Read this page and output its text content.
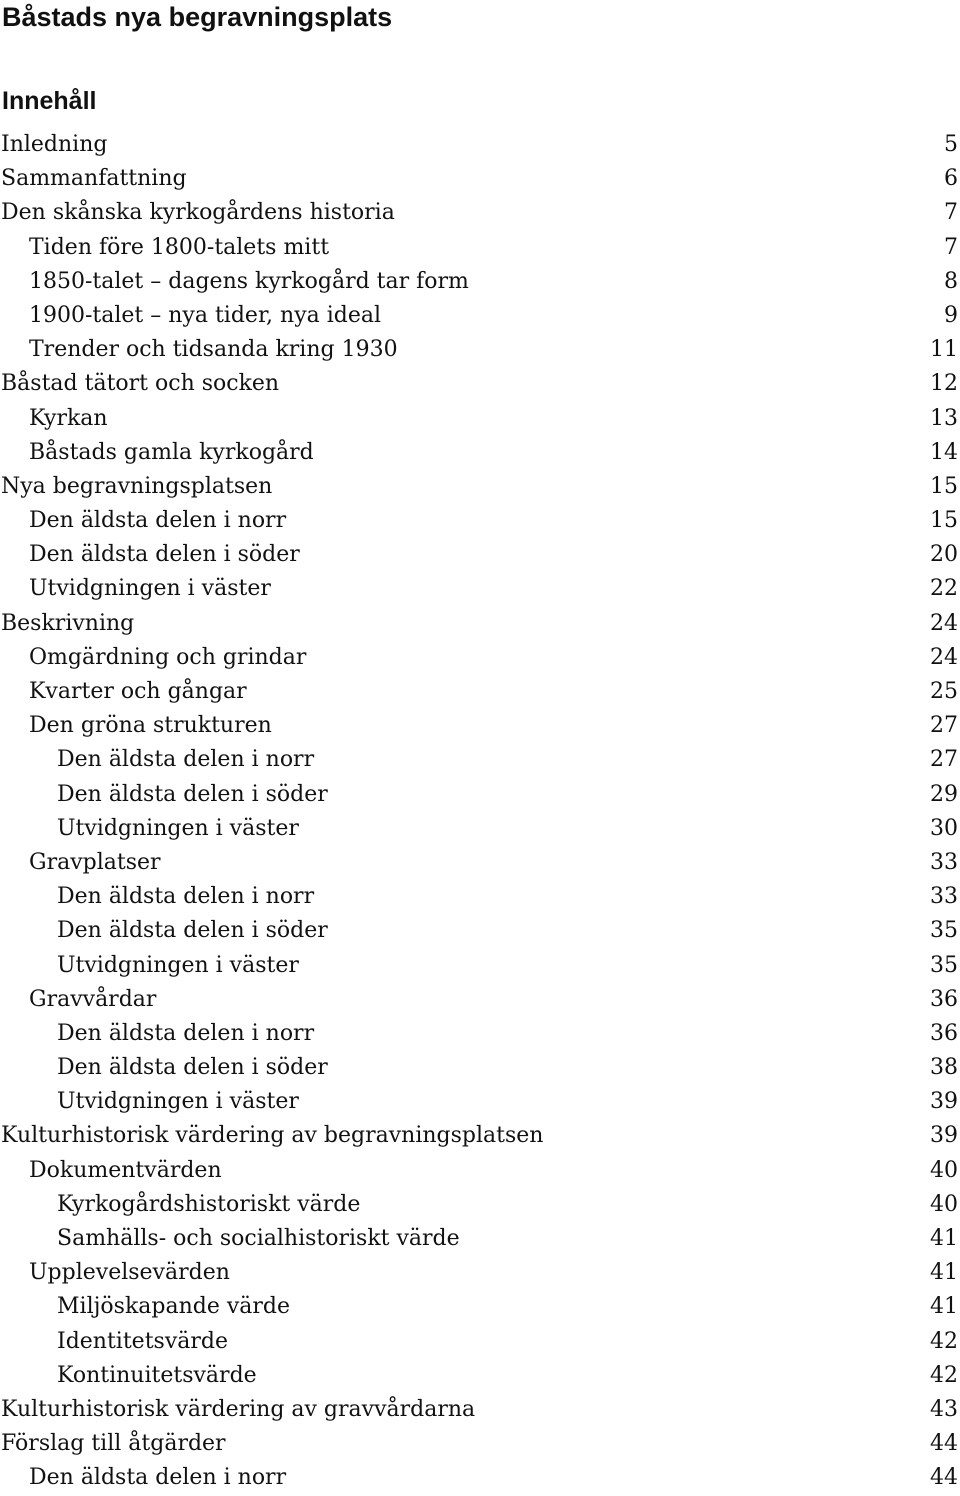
Båstads nya begravningsplats
Innehåll
Inledning	5
Sammanfattning	6
Den skånska kyrkogårdens historia	7
Tiden före 1800-talets mitt	7
1850-talet – dagens kyrkogård tar form	8
1900-talet – nya tider, nya ideal	9
Trender och tidsanda kring 1930	11
Båstad tätort och socken	12
Kyrkan	13
Båstads gamla kyrkogård	14
Nya begravningsplatsen	15
Den äldsta delen i norr	15
Den äldsta delen i söder	20
Utvidgningen i väster	22
Beskrivning	24
Omgärdning och grindar	24
Kvarter och gångar	25
Den gröna strukturen	27
Den äldsta delen i norr	27
Den äldsta delen i söder	29
Utvidgningen i väster	30
Gravplatser	33
Den äldsta delen i norr	33
Den äldsta delen i söder	35
Utvidgningen i väster	35
Gravvårdar	36
Den äldsta delen i norr	36
Den äldsta delen i söder	38
Utvidgningen i väster	39
Kulturhistorisk värdering av begravningsplatsen	39
Dokumentvärden	40
Kyrkogårdshistoriskt värde	40
Samhälls- och socialhistoriskt värde	41
Upplevelsevärden	41
Miljöskapande värde	41
Identitetsvärde	42
Kontinuitetsvärde	42
Kulturhistorisk värdering av gravvårdarna	43
Förslag till åtgärder	44
Den äldsta delen i norr	44
